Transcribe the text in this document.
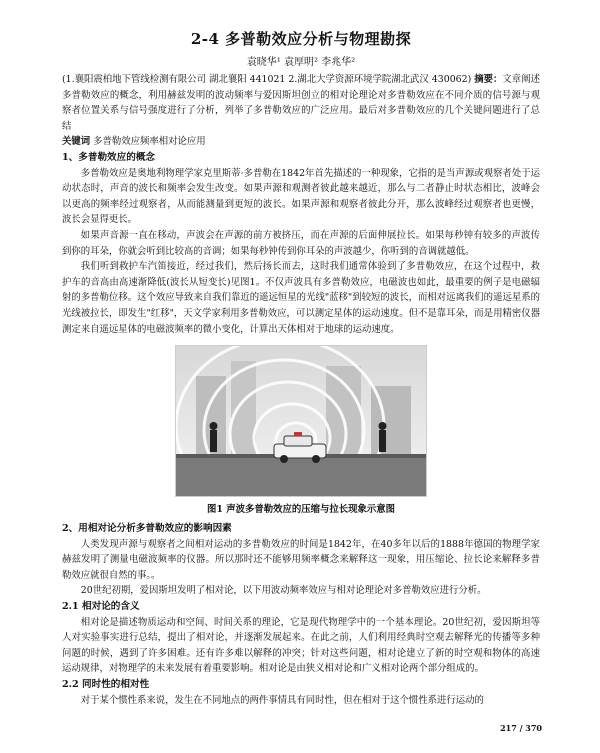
2-4 多普勒效应分析与物理勘探
袁晓华¹ 袁厚明² 李兆华²

(1.襄阳震柏地下管线检测有限公司 湖北襄阳 441021 2.湖北大学资源环境学院湖北武汉 430062) 摘要：文章阐述多普勒效应的概念，利用赫兹发明的波动频率与爱因斯坦创立的相对论理论对多普勒效应在不同介质的信号源与观察者位置关系与信号强度进行了分析，列举了多普勒效应的广泛应用。最后对多普勒效应的几个关键问题进行了总结

关键词 多普勒效应频率相对论应用

1、多普勒效应的概念

多普勒效应是奥地利物理学家克里斯蒂·多普勒在1842年首先描述的一种现象，它指的是当声源或观察者处于运动状态时，声音的波长和频率会发生改变。如果声源和观测者彼此越来越近，那么与二者静止时状态相比，波峰会以更高的频率经过观察者，从而能测量到更短的波长。如果声源和观察者彼此分开，那么波峰经过观察者也更慢，波长会显得更长。

如果声音源一直在移动，声波会在声源的前方被挤压，而在声源的后面伸展拉长。如果每秒钟有较多的声波传到你的耳朵，你就会听到比较高的音调；如果每秒钟传到你耳朵的声波越少，你听到的音调就越低。

我们听到救护车汽笛接近，经过我们，然后扬长而去，这时我们通常体验到了多普勒效应，在这个过程中，救护车的音高由高速渐降低(波长从短变长)见图1。不仅声波具有多普勒效应，电磁波也如此，最重要的例子是电磁辐射的多普勒位移。这个效应导致来自我们靠近的遥远恒星的光线"蓝移"到较短的波长，而相对远离我们的遥远星系的光线被拉长，即发生"红移"，天文学家利用多普勒效应，可以测定星体的运动速度。但不是靠耳朵，而是用精密仪器测定来自遥远星体的电磁波频率的微小变化，计算出天体相对于地球的运动速度。

图1 声波多普勒效应的压缩与拉长现象示意图
2、用相对论分析多普勒效应的影响因素

人类发现声源与观察者之间相对运动的多普勒效应的时间是1842年，在40多年以后的1888年德国的物理学家赫兹发明了测量电磁波频率的仪器。所以那时还不能够用频率概念来解释这一现象，用压缩论、拉长论来解释多普勒效应就很自然的事。。

20世纪初期，爱因斯坦发明了相对论，以下用波动频率效应与相对论理论对多普勒效应进行分析。

2.1 相对论的含义

相对论是描述物质运动和空间、时间关系的理论，它是现代物理学中的一个基本理论。20世纪初，爱因斯坦等人对实验事实进行总结，提出了相对论，并逐渐发展起来。在此之前，人们利用经典时空观去解释光的传播等多种问题的时候，遇到了许多困难。还有许多难以解释的冲突；针对这些问题，相对论建立了新的时空观和物体的高速运动规律，对物理学的未来发展有着重要影响。相对论是由狭义相对论和广义相对论两个部分组成的。

2.2 同时性的相对性

对于某个惯性系来说，发生在不同地点的两件事情具有同时性，但在相对于这个惯性系进行运动的

217 / 370
